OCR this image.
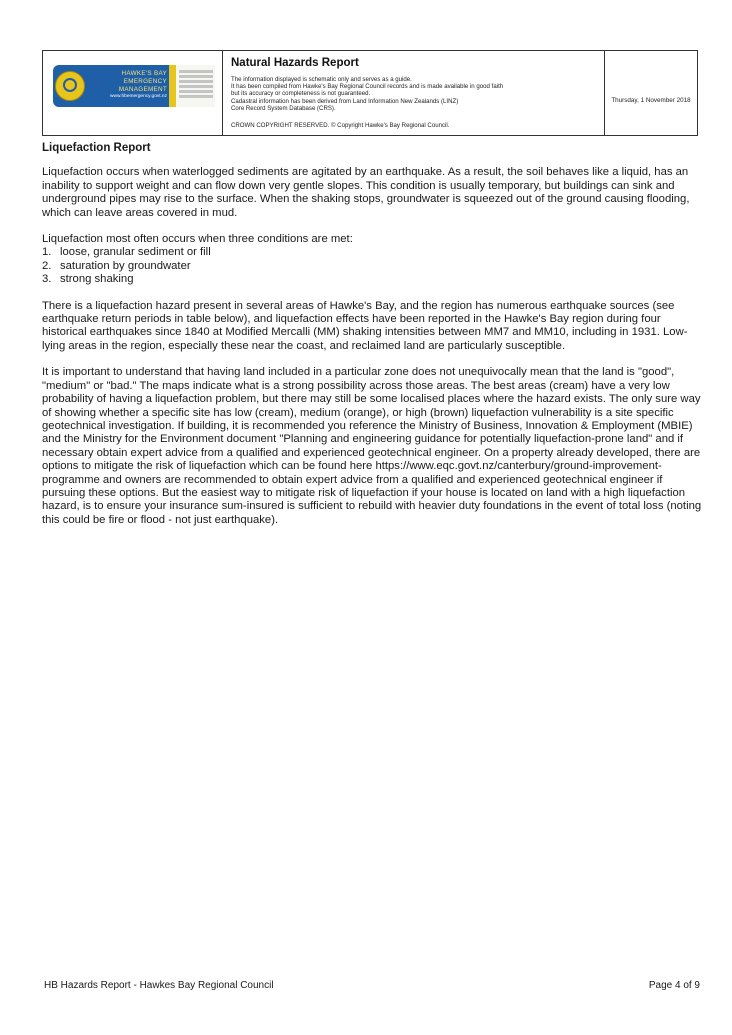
HAWKE'S BAY
EMERGENCY MANAGEMENT
www.hbemergency.govt.nz
Natural Hazards Report
The information displayed is schematic only and serves as a guide.
It has been compiled from Hawke's Bay Regional Council records and is made available in good faith
but its accuracy or completeness is not guaranteed.
Cadastral information has been derived from Land Information New Zealands (LINZ)
Core Record System Database (CRS).
CROWN COPYRIGHT RESERVED. © Copyright Hawke's Bay Regional Council.
Thursday, 1 November 2018
Liquefaction Report

Liquefaction occurs when waterlogged sediments are agitated by an earthquake. As a result, the soil behaves like a liquid, has an inability to support weight and can flow down very gentle slopes. This condition is usually temporary, but buildings can sink and underground pipes may rise to the surface. When the shaking stops, groundwater is squeezed out of the ground causing flooding, which can leave areas covered in mud.

Liquefaction most often occurs when three conditions are met:

1. loose, granular sediment or fill
2. saturation by groundwater
3. strong shaking

There is a liquefaction hazard present in several areas of Hawke's Bay, and the region has numerous earthquake sources (see earthquake return periods in table below), and liquefaction effects have been reported in the Hawke's Bay region during four historical earthquakes since 1840 at Modified Mercalli (MM) shaking intensities between MM7 and MM10, including in 1931. Low-lying areas in the region, especially these near the coast, and reclaimed land are particularly susceptible.

It is important to understand that having land included in a particular zone does not unequivocally mean that the land is "good", "medium" or "bad." The maps indicate what is a strong possibility across those areas. The best areas (cream) have a very low probability of having a liquefaction problem, but there may still be some localised places where the hazard exists. The only sure way of showing whether a specific site has low (cream), medium (orange), or high (brown) liquefaction vulnerability is a site specific geotechnical investigation. If building, it is recommended you reference the Ministry of Business, Innovation & Employment (MBIE) and the Ministry for the Environment document "Planning and engineering guidance for potentially liquefaction-prone land" and if necessary obtain expert advice from a qualified and experienced geotechnical engineer. On a property already developed, there are options to mitigate the risk of liquefaction which can be found here https://www.eqc.govt.nz/canterbury/ground-improvement-programme and owners are recommended to obtain expert advice from a qualified and experienced geotechnical engineer if pursuing these options. But the easiest way to mitigate risk of liquefaction if your house is located on land with a high liquefaction hazard, is to ensure your insurance sum-insured is sufficient to rebuild with heavier duty foundations in the event of total loss (noting this could be fire or flood - not just earthquake).

HB Hazards Report - Hawkes Bay Regional Council	Page 4 of 9
